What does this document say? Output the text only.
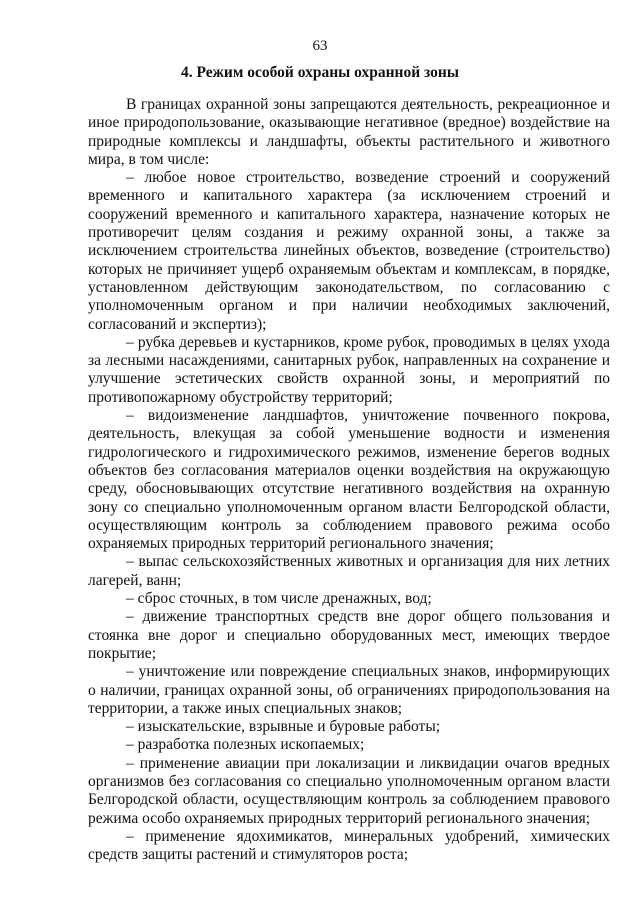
63
4. Режим особой охраны охранной зоны

В границах охранной зоны запрещаются деятельность, рекреационное и иное природопользование, оказывающие негативное (вредное) воздействие на природные комплексы и ландшафты, объекты растительного и животного мира, в том числе:

– любое новое строительство, возведение строений и сооружений временного и капитального характера (за исключением строений и сооружений временного и капитального характера, назначение которых не противоречит целям создания и режиму охранной зоны, а также за исключением строительства линейных объектов, возведение (строительство) которых не причиняет ущерб охраняемым объектам и комплексам, в порядке, установленном действующим законодательством, по согласованию с уполномоченным органом и при наличии необходимых заключений, согласований и экспертиз);

– рубка деревьев и кустарников, кроме рубок, проводимых в целях ухода за лесными насаждениями, санитарных рубок, направленных на сохранение и улучшение эстетических свойств охранной зоны, и мероприятий по противопожарному обустройству территорий;

– видоизменение ландшафтов, уничтожение почвенного покрова, деятельность, влекущая за собой уменьшение водности и изменения гидрологического и гидрохимического режимов, изменение берегов водных объектов без согласования материалов оценки воздействия на окружающую среду, обосновывающих отсутствие негативного воздействия на охранную зону со специально уполномоченным органом власти Белгородской области, осуществляющим контроль за соблюдением правового режима особо охраняемых природных территорий регионального значения;

– выпас сельскохозяйственных животных и организация для них летних лагерей, ванн;

– сброс сточных, в том числе дренажных, вод;

– движение транспортных средств вне дорог общего пользования и стоянка вне дорог и специально оборудованных мест, имеющих твердое покрытие;

– уничтожение или повреждение специальных знаков, информирующих о наличии, границах охранной зоны, об ограничениях природопользования на территории, а также иных специальных знаков;

– изыскательские, взрывные и буровые работы;

– разработка полезных ископаемых;

– применение авиации при локализации и ликвидации очагов вредных организмов без согласования со специально уполномоченным органом власти Белгородской области, осуществляющим контроль за соблюдением правового режима особо охраняемых природных территорий регионального значения;

– применение ядохимикатов, минеральных удобрений, химических средств защиты растений и стимуляторов роста;
